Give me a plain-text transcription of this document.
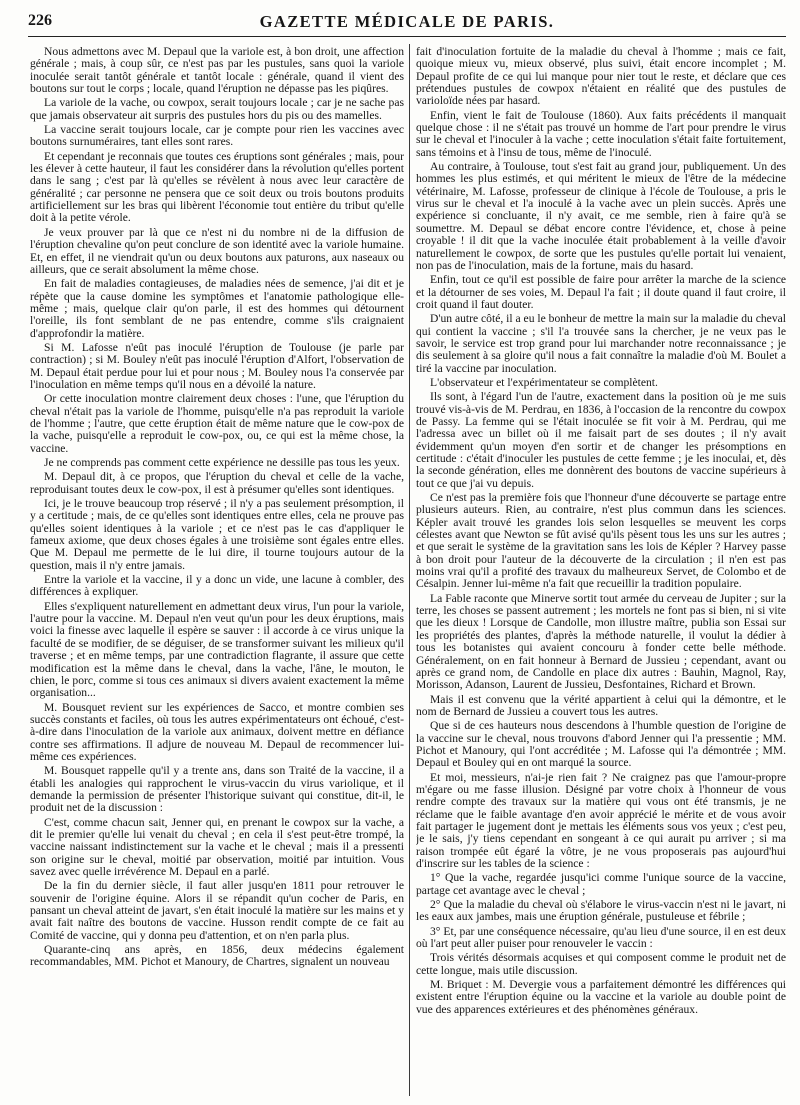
226	GAZETTE MÉDICALE DE PARIS.

Nous admettons avec M. Depaul que la variole est, à bon droit, une affection générale ; mais, à coup sûr, ce n'est pas par les pustules, sans quoi la variole inoculée serait tantôt générale et tantôt locale : générale, quand il vient des boutons sur tout le corps ; locale, quand l'éruption ne dépasse pas les piqûres.

La variole de la vache, ou cowpox, serait toujours locale ; car je ne sache pas que jamais observateur ait surpris des pustules hors du pis ou des mamelles.

La vaccine serait toujours locale, car je compte pour rien les vaccines avec boutons surnuméraires, tant elles sont rares.

Et cependant je reconnais que toutes ces éruptions sont générales ; mais, pour les élever à cette hauteur, il faut les considérer dans la révolution qu'elles portent dans le sang ; c'est par là qu'elles se révèlent à nous avec leur caractère de généralité ; car personne ne pensera que ce soit deux ou trois boutons produits artificiellement sur les bras qui libèrent l'économie tout entière du tribut qu'elle doit à la petite vérole.

Je veux prouver par là que ce n'est ni du nombre ni de la diffusion de l'éruption chevaline qu'on peut conclure de son identité avec la variole humaine. Et, en effet, il ne viendrait qu'un ou deux boutons aux paturons, aux naseaux ou ailleurs, que ce serait absolument la même chose.

En fait de maladies contagieuses, de maladies nées de semence, j'ai dit et je répète que la cause domine les symptômes et l'anatomie pathologique elle-même ; mais, quelque clair qu'on parle, il est des hommes qui détournent l'oreille, ils font semblant de ne pas entendre, comme s'ils craignaient d'approfondir la matière.

Si M. Lafosse n'eût pas inoculé l'éruption de Toulouse (je parle par contraction) ; si M. Bouley n'eût pas inoculé l'éruption d'Alfort, l'observation de M. Depaul était perdue pour lui et pour nous ; M. Bouley nous l'a conservée par l'inoculation en même temps qu'il nous en a dévoilé la nature.

Or cette inoculation montre clairement deux choses : l'une, que l'éruption du cheval n'était pas la variole de l'homme, puisqu'elle n'a pas reproduit la variole de l'homme ; l'autre, que cette éruption était de même nature que le cow-pox de la vache, puisqu'elle a reproduit le cow-pox, ou, ce qui est la même chose, la vaccine.

Je ne comprends pas comment cette expérience ne dessille pas tous les yeux.

M. Depaul dit, à ce propos, que l'éruption du cheval et celle de la vache, reproduisant toutes deux le cow-pox, il est à présumer qu'elles sont identiques.

Ici, je le trouve beaucoup trop réservé ; il n'y a pas seulement présomption, il y a certitude ; mais, de ce qu'elles sont identiques entre elles, cela ne prouve pas qu'elles soient identiques à la variole ; et ce n'est pas le cas d'appliquer le fameux axiome, que deux choses égales à une troisième sont égales entre elles. Que M. Depaul me permette de le lui dire, il tourne toujours autour de la question, mais il n'y entre jamais.

Entre la variole et la vaccine, il y a donc un vide, une lacune à combler, des différences à expliquer.

Elles s'expliquent naturellement en admettant deux virus, l'un pour la variole, l'autre pour la vaccine. M. Depaul n'en veut qu'un pour les deux éruptions, mais voici la finesse avec laquelle il espère se sauver : il accorde à ce virus unique la faculté de se modifier, de se déguiser, de se transformer suivant les milieux qu'il traverse ; et en même temps, par une contradiction flagrante, il assure que cette modification est la même dans le cheval, dans la vache, l'âne, le mouton, le chien, le porc, comme si tous ces animaux si divers avaient exactement la même organisation...

M. Bousquet revient sur les expériences de Sacco, et montre combien ses succès constants et faciles, où tous les autres expérimentateurs ont échoué, c'est-à-dire dans l'inoculation de la variole aux animaux, doivent mettre en défiance contre ses affirmations. Il adjure de nouveau M. Depaul de recommencer lui-même ces expériences.

M. Bousquet rappelle qu'il y a trente ans, dans son Traité de la vaccine, il a établi les analogies qui rapprochent le virus-vaccin du virus variolique, et il demande la permission de présenter l'historique suivant qui constitue, dit-il, le produit net de la discussion :

C'est, comme chacun sait, Jenner qui, en prenant le cowpox sur la vache, a dit le premier qu'elle lui venait du cheval ; en cela il s'est peut-être trompé, la vaccine naissant indistinctement sur la vache et le cheval ; mais il a pressenti son origine sur le cheval, moitié par observation, moitié par intuition. Vous savez avec quelle irrévérence M. Depaul en a parlé.

De la fin du dernier siècle, il faut aller jusqu'en 1811 pour retrouver le souvenir de l'origine équine. Alors il se répandit qu'un cocher de Paris, en pansant un cheval atteint de javart, s'en était inoculé la matière sur les mains et y avait fait naître des boutons de vaccine. Husson rendit compte de ce fait au Comité de vaccine, qui y donna peu d'attention, et on n'en parla plus.

Quarante-cinq ans après, en 1856, deux médecins également recommandables, MM. Pichot et Manoury, de Chartres, signalent un nouveau

fait d'inoculation fortuite de la maladie du cheval à l'homme ; mais ce fait, quoique mieux vu, mieux observé, plus suivi, était encore incomplet ; M. Depaul profite de ce qui lui manque pour nier tout le reste, et déclare que ces prétendues pustules de cowpox n'étaient en réalité que des pustules de varioloïde nées par hasard.

Enfin, vient le fait de Toulouse (1860). Aux faits précédents il manquait quelque chose : il ne s'était pas trouvé un homme de l'art pour prendre le virus sur le cheval et l'inoculer à la vache ; cette inoculation s'était faite fortuitement, sans témoins et à l'insu de tous, même de l'inoculé.

Au contraire, à Toulouse, tout s'est fait au grand jour, publiquement. Un des hommes les plus estimés, et qui méritent le mieux de l'être de la médecine vétérinaire, M. Lafosse, professeur de clinique à l'école de Toulouse, a pris le virus sur le cheval et l'a inoculé à la vache avec un plein succès. Après une expérience si concluante, il n'y avait, ce me semble, rien à faire qu'à se soumettre. M. Depaul se débat encore contre l'évidence, et, chose à peine croyable ! il dit que la vache inoculée était probablement à la veille d'avoir naturellement le cowpox, de sorte que les pustules qu'elle portait lui venaient, non pas de l'inoculation, mais de la fortune, mais du hasard.

Enfin, tout ce qu'il est possible de faire pour arrêter la marche de la science et la détourner de ses voies, M. Depaul l'a fait ; il doute quand il faut croire, il croit quand il faut douter.

D'un autre côté, il a eu le bonheur de mettre la main sur la maladie du cheval qui contient la vaccine ; s'il l'a trouvée sans la chercher, je ne veux pas le savoir, le service est trop grand pour lui marchander notre reconnaissance ; je dis seulement à sa gloire qu'il nous a fait connaître la maladie d'où M. Boulet a tiré la vaccine par inoculation.

L'observateur et l'expérimentateur se complètent.

Ils sont, à l'égard l'un de l'autre, exactement dans la position où je me suis trouvé vis-à-vis de M. Perdrau, en 1836, à l'occasion de la rencontre du cowpox de Passy. La femme qui se l'était inoculée se fit voir à M. Perdrau, qui me l'adressa avec un billet où il me faisait part de ses doutes ; il n'y avait évidemment qu'un moyen d'en sortir et de changer les présomptions en certitude : c'était d'inoculer les pustules de cette femme ; je les inoculai, et, dès la seconde génération, elles me donnèrent des boutons de vaccine supérieurs à tout ce que j'ai vu depuis.

Ce n'est pas la première fois que l'honneur d'une découverte se partage entre plusieurs auteurs. Rien, au contraire, n'est plus commun dans les sciences. Képler avait trouvé les grandes lois selon lesquelles se meuvent les corps célestes avant que Newton se fût avisé qu'ils pèsent tous les uns sur les autres ; et que serait le système de la gravitation sans les lois de Képler ? Harvey passe à bon droit pour l'auteur de la découverte de la circulation ; il n'en est pas moins vrai qu'il a profité des travaux du malheureux Servet, de Colombo et de Césalpin. Jenner lui-même n'a fait que recueillir la tradition populaire.

La Fable raconte que Minerve sortit tout armée du cerveau de Jupiter ; sur la terre, les choses se passent autrement ; les mortels ne font pas si bien, ni si vite que les dieux ! Lorsque de Candolle, mon illustre maître, publia son Essai sur les propriétés des plantes, d'après la méthode naturelle, il voulut la dédier à tous les botanistes qui avaient concouru à fonder cette belle méthode. Généralement, on en fait honneur à Bernard de Jussieu ; cependant, avant ou après ce grand nom, de Candolle en place dix autres : Bauhin, Magnol, Ray, Morisson, Adanson, Laurent de Jussieu, Desfontaines, Richard et Brown.

Mais il est convenu que la vérité appartient à celui qui la démontre, et le nom de Bernard de Jussieu a couvert tous les autres.

Que si de ces hauteurs nous descendons à l'humble question de l'origine de la vaccine sur le cheval, nous trouvons d'abord Jenner qui l'a pressentie ; MM. Pichot et Manoury, qui l'ont accréditée ; M. Lafosse qui l'a démontrée ; MM. Depaul et Bouley qui en ont marqué la source.

Et moi, messieurs, n'ai-je rien fait ? Ne craignez pas que l'amour-propre m'égare ou me fasse illusion. Désigné par votre choix à l'honneur de vous rendre compte des travaux sur la matière qui vous ont été transmis, je ne réclame que le faible avantage d'en avoir apprécié le mérite et de vous avoir fait partager le jugement dont je mettais les éléments sous vos yeux ; c'est peu, je le sais, j'y tiens cependant en songeant à ce qui aurait pu arriver ; si ma raison trompée eût égaré la vôtre, je ne vous proposerais pas aujourd'hui d'inscrire sur les tables de la science :

1° Que la vache, regardée jusqu'ici comme l'unique source de la vaccine, partage cet avantage avec le cheval ;
2° Que la maladie du cheval où s'élabore le virus-vaccin n'est ni le javart, ni les eaux aux jambes, mais une éruption générale, pustuleuse et fébrile ;
3° Et, par une conséquence nécessaire, qu'au lieu d'une source, il en est deux où l'art peut aller puiser pour renouveler le vaccin :

Trois vérités désormais acquises et qui composent comme le produit net de cette longue, mais utile discussion.

M. Briquet : M. Devergie vous a parfaitement démontré les différences qui existent entre l'éruption équine ou la vaccine et la variole au double point de vue des apparences extérieures et des phénomènes généraux.
